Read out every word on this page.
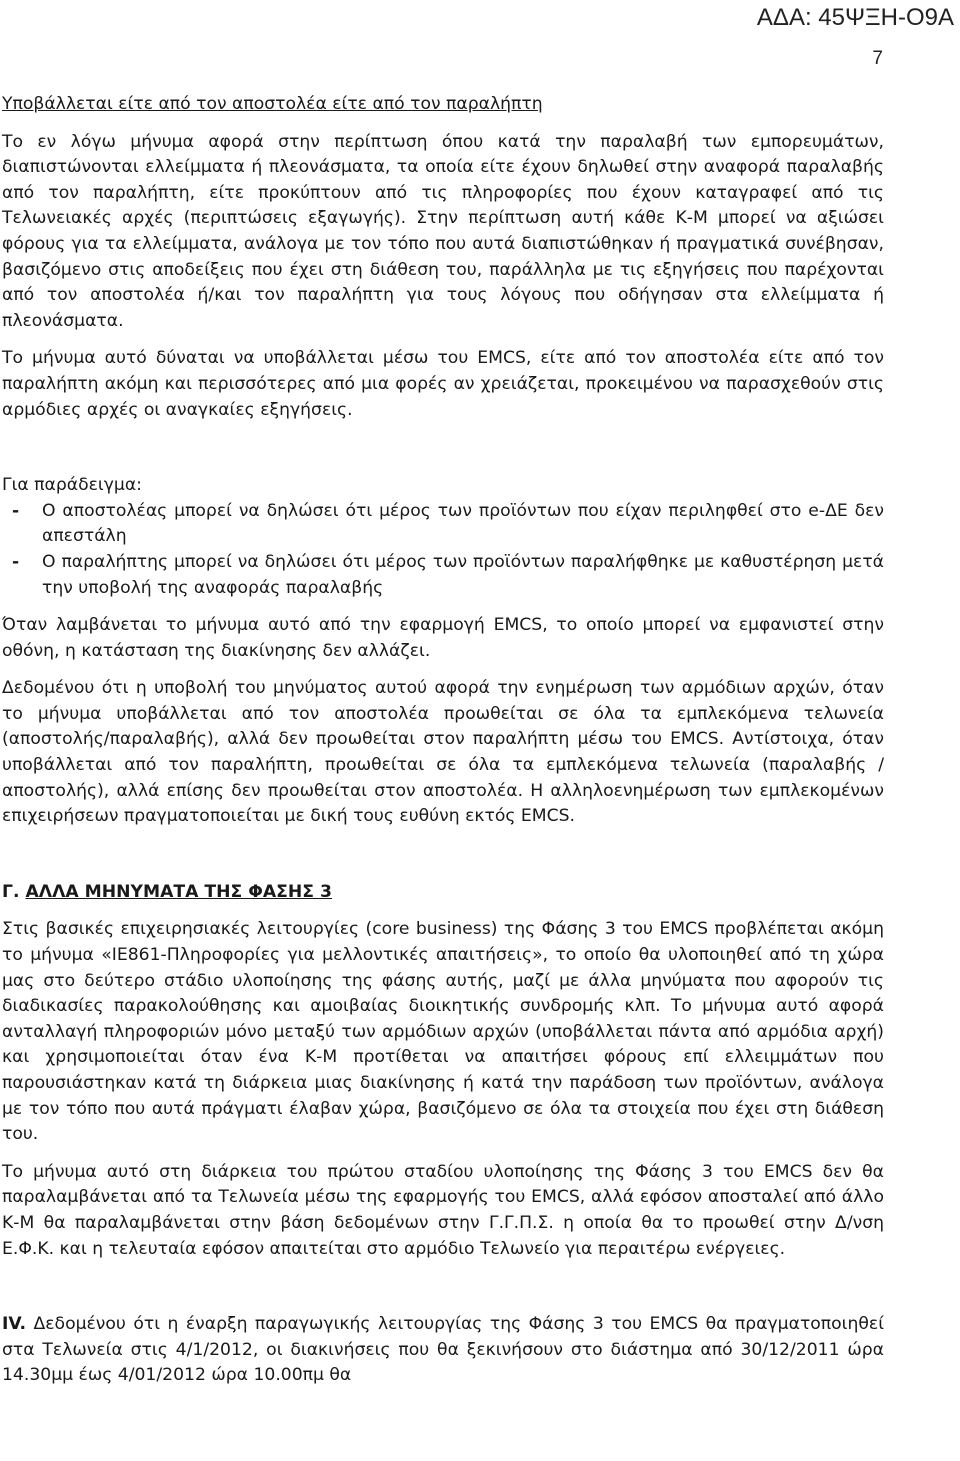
ΑΔΑ: 45ΨΞΗ-Ο9Α
7

Υποβάλλεται είτε από τον αποστολέα είτε από τον παραλήπτη

Το εν λόγω μήνυμα αφορά στην περίπτωση όπου κατά την παραλαβή των εμπορευμάτων, διαπιστώνονται ελλείμματα ή πλεονάσματα, τα οποία είτε έχουν δηλωθεί στην αναφορά παραλαβής από τον παραλήπτη, είτε προκύπτουν από τις πληροφορίες που έχουν καταγραφεί από τις Τελωνειακές αρχές (περιπτώσεις εξαγωγής). Στην περίπτωση αυτή κάθε Κ-Μ μπορεί να αξιώσει φόρους για τα ελλείμματα, ανάλογα με τον τόπο που αυτά διαπιστώθηκαν ή πραγματικά συνέβησαν, βασιζόμενο στις αποδείξεις που έχει στη διάθεση του, παράλληλα με τις εξηγήσεις που παρέχονται από τον αποστολέα ή/και τον παραλήπτη για τους λόγους που οδήγησαν στα ελλείμματα ή πλεονάσματα.

Το μήνυμα αυτό δύναται να υποβάλλεται μέσω του EMCS, είτε από τον αποστολέα είτε από τον παραλήπτη ακόμη και περισσότερες από μια φορές αν χρειάζεται, προκειμένου να παρασχεθούν στις αρμόδιες αρχές οι αναγκαίες εξηγήσεις.

Για παράδειγμα:

- Ο αποστολέας μπορεί να δηλώσει ότι μέρος των προϊόντων που είχαν περιληφθεί στο e-ΔΕ δεν απεστάλη
- Ο παραλήπτης μπορεί να δηλώσει ότι μέρος των προϊόντων παραλήφθηκε με καθυστέρηση μετά την υποβολή της αναφοράς παραλαβής

Όταν λαμβάνεται το μήνυμα αυτό από την εφαρμογή EMCS, το οποίο μπορεί να εμφανιστεί στην οθόνη, η κατάσταση της διακίνησης δεν αλλάζει.

Δεδομένου ότι η υποβολή του μηνύματος αυτού αφορά την ενημέρωση των αρμόδιων αρχών, όταν το μήνυμα υποβάλλεται από τον αποστολέα προωθείται σε όλα τα εμπλεκόμενα τελωνεία (αποστολής/παραλαβής), αλλά δεν προωθείται στον παραλήπτη μέσω του EMCS. Αντίστοιχα, όταν υποβάλλεται από τον παραλήπτη, προωθείται σε όλα τα εμπλεκόμενα τελωνεία (παραλαβής / αποστολής), αλλά επίσης δεν προωθείται στον αποστολέα. Η αλληλοενημέρωση των εμπλεκομένων επιχειρήσεων πραγματοποιείται με δική τους ευθύνη εκτός EMCS.

Γ. ΑΛΛΑ ΜΗΝΥΜΑΤΑ ΤΗΣ ΦΑΣΗΣ 3

Στις βασικές επιχειρησιακές λειτουργίες (core business) της Φάσης 3 του EMCS προβλέπεται ακόμη το μήνυμα «IE861-Πληροφορίες για μελλοντικές απαιτήσεις», το οποίο θα υλοποιηθεί από τη χώρα μας στο δεύτερο στάδιο υλοποίησης της φάσης αυτής, μαζί με άλλα μηνύματα που αφορούν τις διαδικασίες παρακολούθησης και αμοιβαίας διοικητικής συνδρομής κλπ. Το μήνυμα αυτό αφορά ανταλλαγή πληροφοριών μόνο μεταξύ των αρμόδιων αρχών (υποβάλλεται πάντα από αρμόδια αρχή) και χρησιμοποιείται όταν ένα Κ-Μ προτίθεται να απαιτήσει φόρους επί ελλειμμάτων που παρουσιάστηκαν κατά τη διάρκεια μιας διακίνησης ή κατά την παράδοση των προϊόντων, ανάλογα με τον τόπο που αυτά πράγματι έλαβαν χώρα, βασιζόμενο σε όλα τα στοιχεία που έχει στη διάθεση του.

Το μήνυμα αυτό στη διάρκεια του πρώτου σταδίου υλοποίησης της Φάσης 3 του EMCS δεν θα παραλαμβάνεται από τα Τελωνεία μέσω της εφαρμογής του EMCS, αλλά εφόσον αποσταλεί από άλλο Κ-Μ θα παραλαμβάνεται στην βάση δεδομένων στην Γ.Γ.Π.Σ. η οποία θα το προωθεί στην Δ/νση Ε.Φ.Κ. και η τελευταία εφόσον απαιτείται στο αρμόδιο Τελωνείο για περαιτέρω ενέργειες.

IV. Δεδομένου ότι η έναρξη παραγωγικής λειτουργίας της Φάσης 3 του EMCS θα πραγματοποιηθεί στα Τελωνεία στις 4/1/2012, οι διακινήσεις που θα ξεκινήσουν στο διάστημα από 30/12/2011 ώρα 14.30μμ έως 4/01/2012 ώρα 10.00πμ θα
